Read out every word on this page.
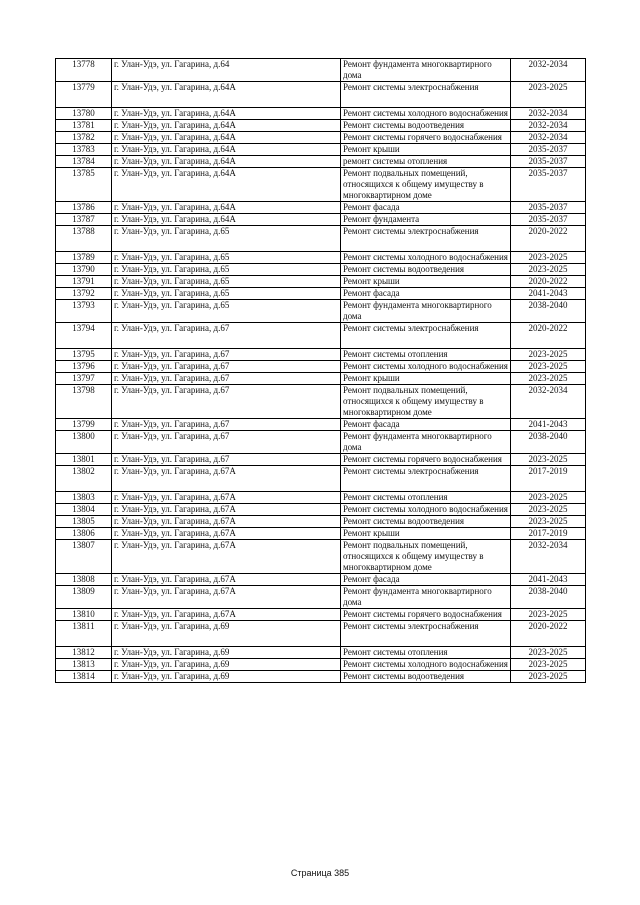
13778	г. Улан-Удэ, ул. Гагарина, д.64	Ремонт фундамента многоквартирного дома	2032-2034
13779	г. Улан-Удэ, ул. Гагарина, д.64А	Ремонт системы электроснабжения	2023-2025
13780	г. Улан-Удэ, ул. Гагарина, д.64А	Ремонт системы холодного водоснабжения	2032-2034
13781	г. Улан-Удэ, ул. Гагарина, д.64А	Ремонт системы водоотведения	2032-2034
13782	г. Улан-Удэ, ул. Гагарина, д.64А	Ремонт системы горячего водоснабжения	2032-2034
13783	г. Улан-Удэ, ул. Гагарина, д.64А	Ремонт крыши	2035-2037
13784	г. Улан-Удэ, ул. Гагарина, д.64А	ремонт системы отопления	2035-2037
13785	г. Улан-Удэ, ул. Гагарина, д.64А	Ремонт подвальных помещений, относящихся к общему имуществу в многоквартирном доме	2035-2037
13786	г. Улан-Удэ, ул. Гагарина, д.64А	Ремонт фасада	2035-2037
13787	г. Улан-Удэ, ул. Гагарина, д.64А	Ремонт фундамента	2035-2037
13788	г. Улан-Удэ, ул. Гагарина, д.65	Ремонт системы электроснабжения	2020-2022
13789	г. Улан-Удэ, ул. Гагарина, д.65	Ремонт системы холодного водоснабжения	2023-2025
13790	г. Улан-Удэ, ул. Гагарина, д.65	Ремонт системы водоотведения	2023-2025
13791	г. Улан-Удэ, ул. Гагарина, д.65	Ремонт крыши	2020-2022
13792	г. Улан-Удэ, ул. Гагарина, д.65	Ремонт фасада	2041-2043
13793	г. Улан-Удэ, ул. Гагарина, д.65	Ремонт фундамента многоквартирного дома	2038-2040
13794	г. Улан-Удэ, ул. Гагарина, д.67	Ремонт системы электроснабжения	2020-2022
13795	г. Улан-Удэ, ул. Гагарина, д.67	Ремонт системы отопления	2023-2025
13796	г. Улан-Удэ, ул. Гагарина, д.67	Ремонт системы холодного водоснабжения	2023-2025
13797	г. Улан-Удэ, ул. Гагарина, д.67	Ремонт крыши	2023-2025
13798	г. Улан-Удэ, ул. Гагарина, д.67	Ремонт подвальных помещений, относящихся к общему имуществу в многоквартирном доме	2032-2034
13799	г. Улан-Удэ, ул. Гагарина, д.67	Ремонт фасада	2041-2043
13800	г. Улан-Удэ, ул. Гагарина, д.67	Ремонт фундамента многоквартирного дома	2038-2040
13801	г. Улан-Удэ, ул. Гагарина, д.67	Ремонт системы горячего водоснабжения	2023-2025
13802	г. Улан-Удэ, ул. Гагарина, д.67А	Ремонт системы электроснабжения	2017-2019
13803	г. Улан-Удэ, ул. Гагарина, д.67А	Ремонт системы отопления	2023-2025
13804	г. Улан-Удэ, ул. Гагарина, д.67А	Ремонт системы холодного водоснабжения	2023-2025
13805	г. Улан-Удэ, ул. Гагарина, д.67А	Ремонт системы водоотведения	2023-2025
13806	г. Улан-Удэ, ул. Гагарина, д.67А	Ремонт крыши	2017-2019
13807	г. Улан-Удэ, ул. Гагарина, д.67А	Ремонт подвальных помещений, относящихся к общему имуществу в многоквартирном доме	2032-2034
13808	г. Улан-Удэ, ул. Гагарина, д.67А	Ремонт фасада	2041-2043
13809	г. Улан-Удэ, ул. Гагарина, д.67А	Ремонт фундамента многоквартирного дома	2038-2040
13810	г. Улан-Удэ, ул. Гагарина, д.67А	Ремонт системы горячего водоснабжения	2023-2025
13811	г. Улан-Удэ, ул. Гагарина, д.69	Ремонт системы электроснабжения	2020-2022
13812	г. Улан-Удэ, ул. Гагарина, д.69	Ремонт системы отопления	2023-2025
13813	г. Улан-Удэ, ул. Гагарина, д.69	Ремонт системы холодного водоснабжения	2023-2025
13814	г. Улан-Удэ, ул. Гагарина, д.69	Ремонт системы водоотведения	2023-2025
Страница 385
